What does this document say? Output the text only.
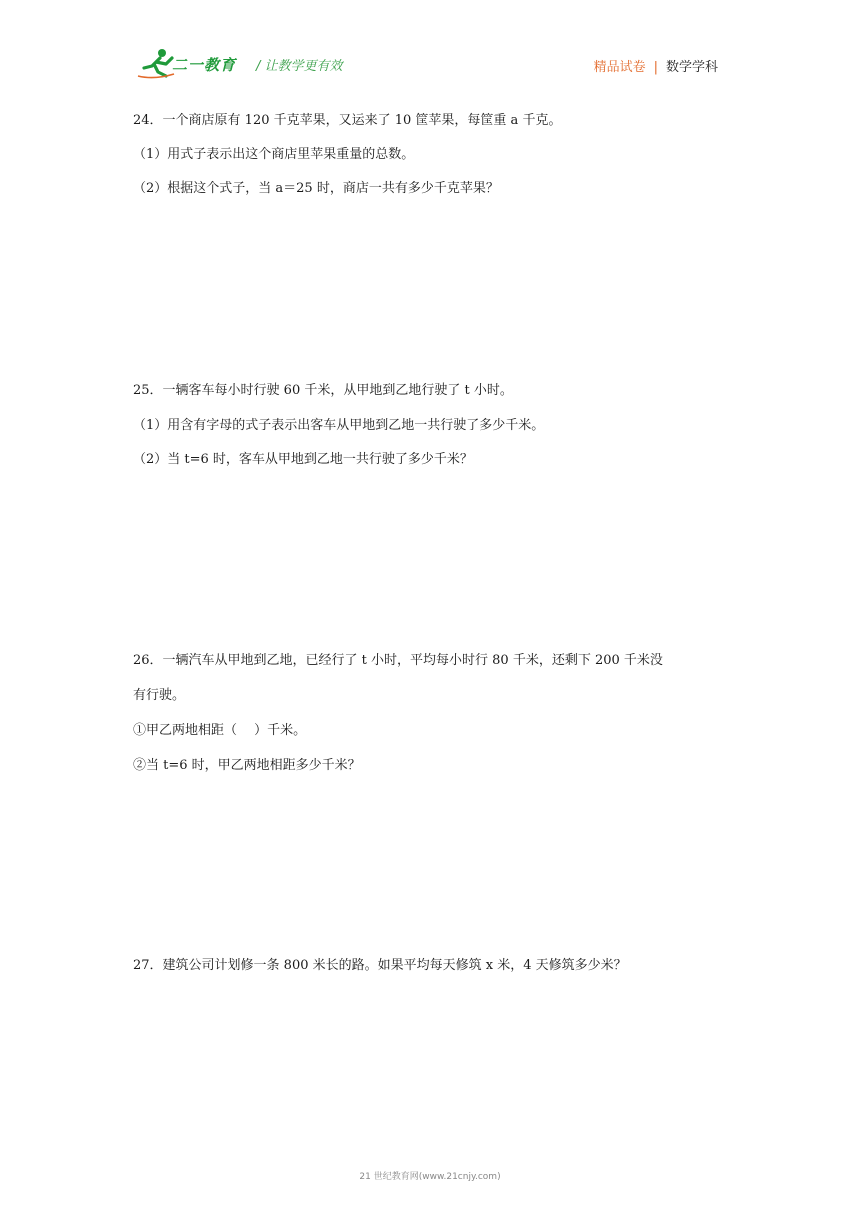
二一教育 / 让教学更有效	精品试卷 | 数学学科

24．一个商店原有 120 千克苹果，又运来了 10 筐苹果，每筐重 a 千克。

（1）用式子表示出这个商店里苹果重量的总数。

（2）根据这个式子，当 a＝25 时，商店一共有多少千克苹果？

25．一辆客车每小时行驶 60 千米，从甲地到乙地行驶了 t 小时。

（1）用含有字母的式子表示出客车从甲地到乙地一共行驶了多少千米。

（2）当 t=6 时，客车从甲地到乙地一共行驶了多少千米？

26．一辆汽车从甲地到乙地，已经行了 t 小时，平均每小时行 80 千米，还剩下 200 千米没

有行驶。

①甲乙两地相距（　 ）千米。

②当 t=6 时，甲乙两地相距多少千米？

27．建筑公司计划修一条 800 米长的路。如果平均每天修筑 x 米，4 天修筑多少米？

21 世纪教育网(www.21cnjy.com)
